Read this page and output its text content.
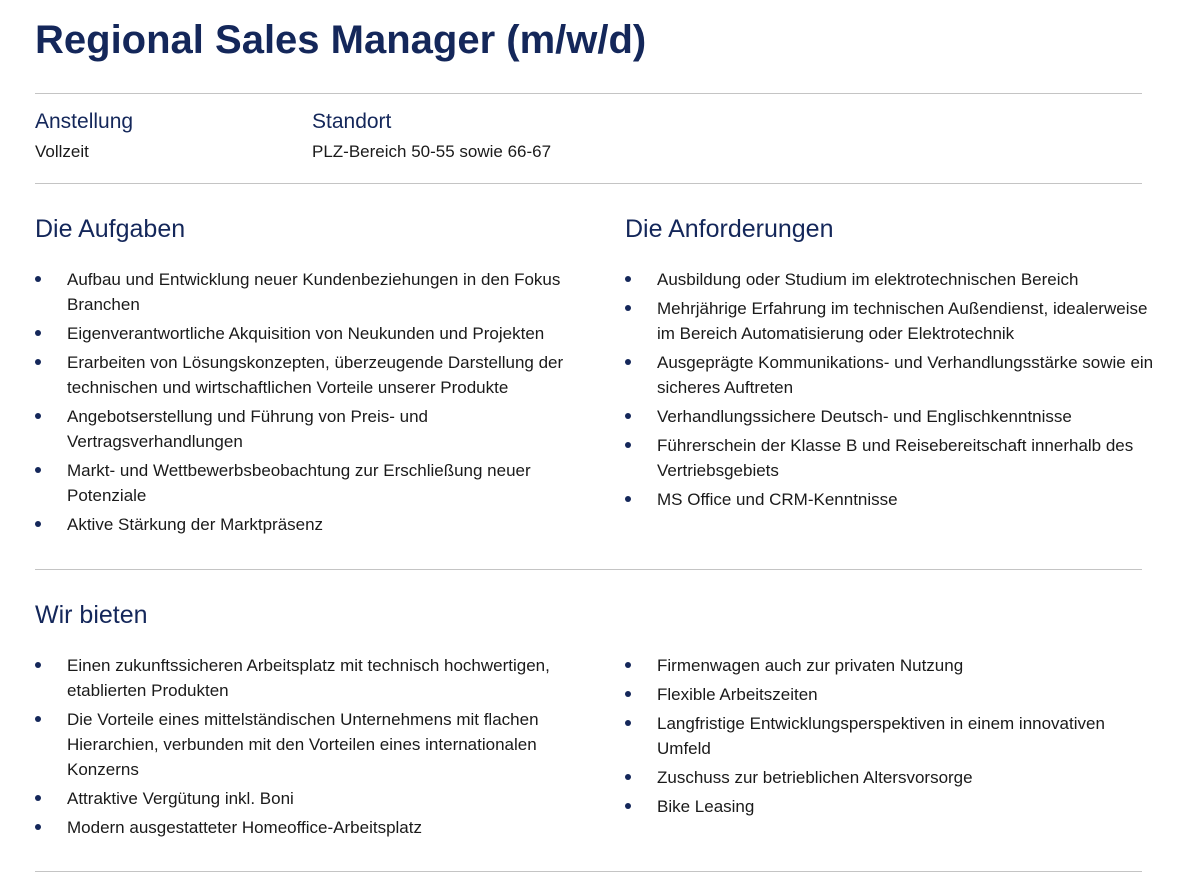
Regional Sales Manager (m/w/d)
Anstellung
Vollzeit
Standort
PLZ-Bereich 50-55 sowie 66-67
Die Aufgaben
Aufbau und Entwicklung neuer Kundenbeziehungen in den Fokus Branchen
Eigenverantwortliche Akquisition von Neukunden und Projekten
Erarbeiten von Lösungskonzepten, überzeugende Darstellung der technischen und wirtschaftlichen Vorteile unserer Produkte
Angebotserstellung und Führung von Preis- und Vertragsverhandlungen
Markt- und Wettbewerbsbeobachtung zur Erschließung neuer Potenziale
Aktive Stärkung der Marktpräsenz
Die Anforderungen
Ausbildung oder Studium im elektrotechnischen Bereich
Mehrjährige Erfahrung im technischen Außendienst, idealerweise im Bereich Automatisierung oder Elektrotechnik
Ausgeprägte Kommunikations- und Verhandlungsstärke sowie ein sicheres Auftreten
Verhandlungssichere Deutsch- und Englischkenntnisse
Führerschein der Klasse B und Reisebereitschaft innerhalb des Vertriebsgebiets
MS Office und CRM-Kenntnisse
Wir bieten
Einen zukunftssicheren Arbeitsplatz mit technisch hochwertigen, etablierten Produkten
Die Vorteile eines mittelständischen Unternehmens mit flachen Hierarchien, verbunden mit den Vorteilen eines internationalen Konzerns
Attraktive Vergütung inkl. Boni
Modern ausgestatteter Homeoffice-Arbeitsplatz
Firmenwagen auch zur privaten Nutzung
Flexible Arbeitszeiten
Langfristige Entwicklungsperspektiven in einem innovativen Umfeld
Zuschuss zur betrieblichen Altersvorsorge
Bike Leasing
